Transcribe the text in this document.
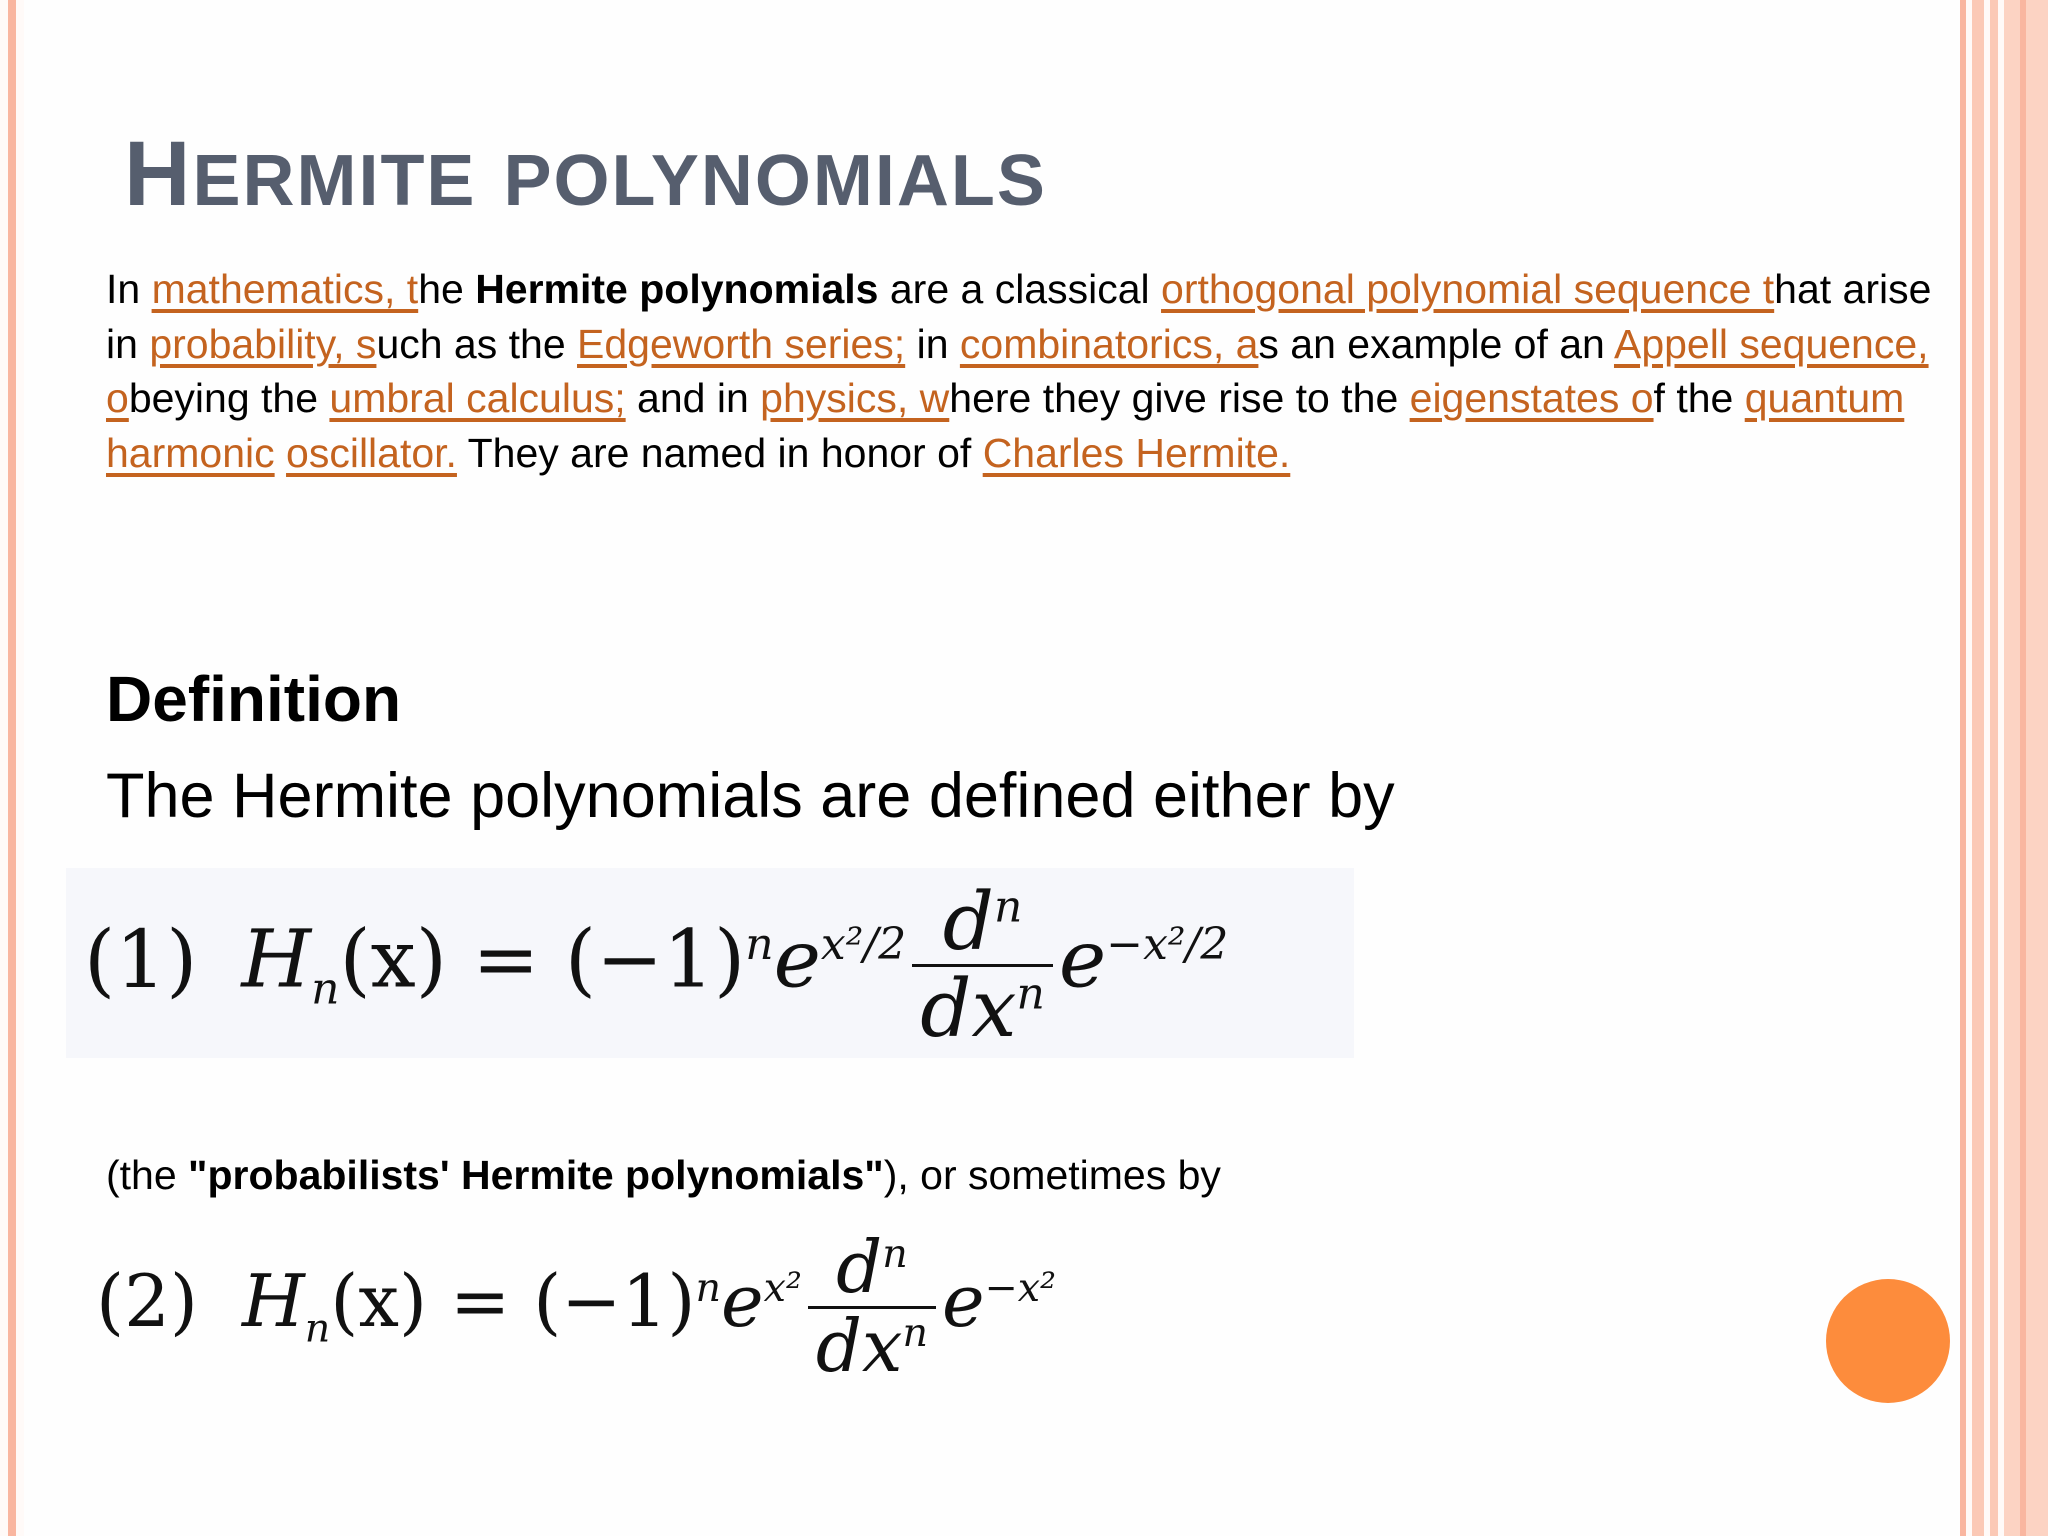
HERMITE POLYNOMIALS

In mathematics, the Hermite polynomials are a classical orthogonal polynomial sequence that arise in probability, such as the Edgeworth series; in combinatorics, as an example of an Appell sequence, obeying the umbral calculus; and in physics, where they give rise to the eigenstates of the quantum harmonic oscillator. They are named in honor of Charles Hermite.

Definition

The Hermite polynomials are defined either by

(1) $H_n(x) = (-1)^ne^{x^2/2} \frac{d^n}{dx^n} e^{-x^2/2}$

(the "probabilists' Hermite polynomials"), or sometimes by

(2) $H_n(x) = (-1)^ne^{x^2} \frac{d^n}{dx^n} e^{-x^2}$
